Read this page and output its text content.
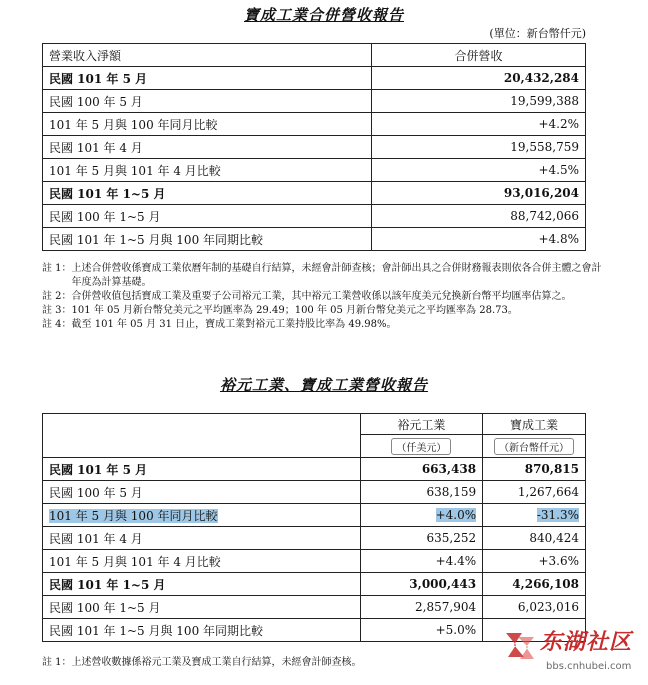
寶成工業合併營收報告
(單位：新台幣仟元)
營業收入淨額	合併營收
民國 101 年 5 月	20,432,284
民國 100 年 5 月	19,599,388
101 年 5 月與 100 年同月比較	+4.2%
民國 101 年 4 月	19,558,759
101 年 5 月與 101 年 4 月比較	+4.5%
民國 101 年 1~5 月	93,016,204
民國 100 年 1~5 月	88,742,066
民國 101 年 1~5 月與 100 年同期比較	+4.8%
註 1： 上述合併營收係寶成工業依曆年制的基礎自行結算，未經會計師查核；會計師出具之合併財務報表則依各合併主體之會計年度為計算基礎。
註 2： 合併營收值包括寶成工業及重要子公司裕元工業，其中裕元工業營收係以該年度美元兌換新台幣平均匯率估算之。
註 3： 101 年 05 月新台幣兌美元之平均匯率為 29.49；100 年 05 月新台幣兌美元之平均匯率為 28.73。
註 4： 截至 101 年 05 月 31 日止，寶成工業對裕元工業持股比率為 49.98%。
裕元工業、寶成工業營收報告
	裕元工業	寶成工業
	（仟美元）	（新台幣仟元）
民國 101 年 5 月	663,438	870,815
民國 100 年 5 月	638,159	1,267,664
101 年 5 月與 100 年同月比較	+4.0%	-31.3%
民國 101 年 4 月	635,252	840,424
101 年 5 月與 101 年 4 月比較	+4.4%	+3.6%
民國 101 年 1~5 月	3,000,443	4,266,108
民國 100 年 1~5 月	2,857,904	6,023,016
民國 101 年 1~5 月與 100 年同期比較	+5.0%	
註 1： 上述營收數據係裕元工業及寶成工業自行結算，未經會計師查核。
东湖社区
bbs.cnhubei.com
